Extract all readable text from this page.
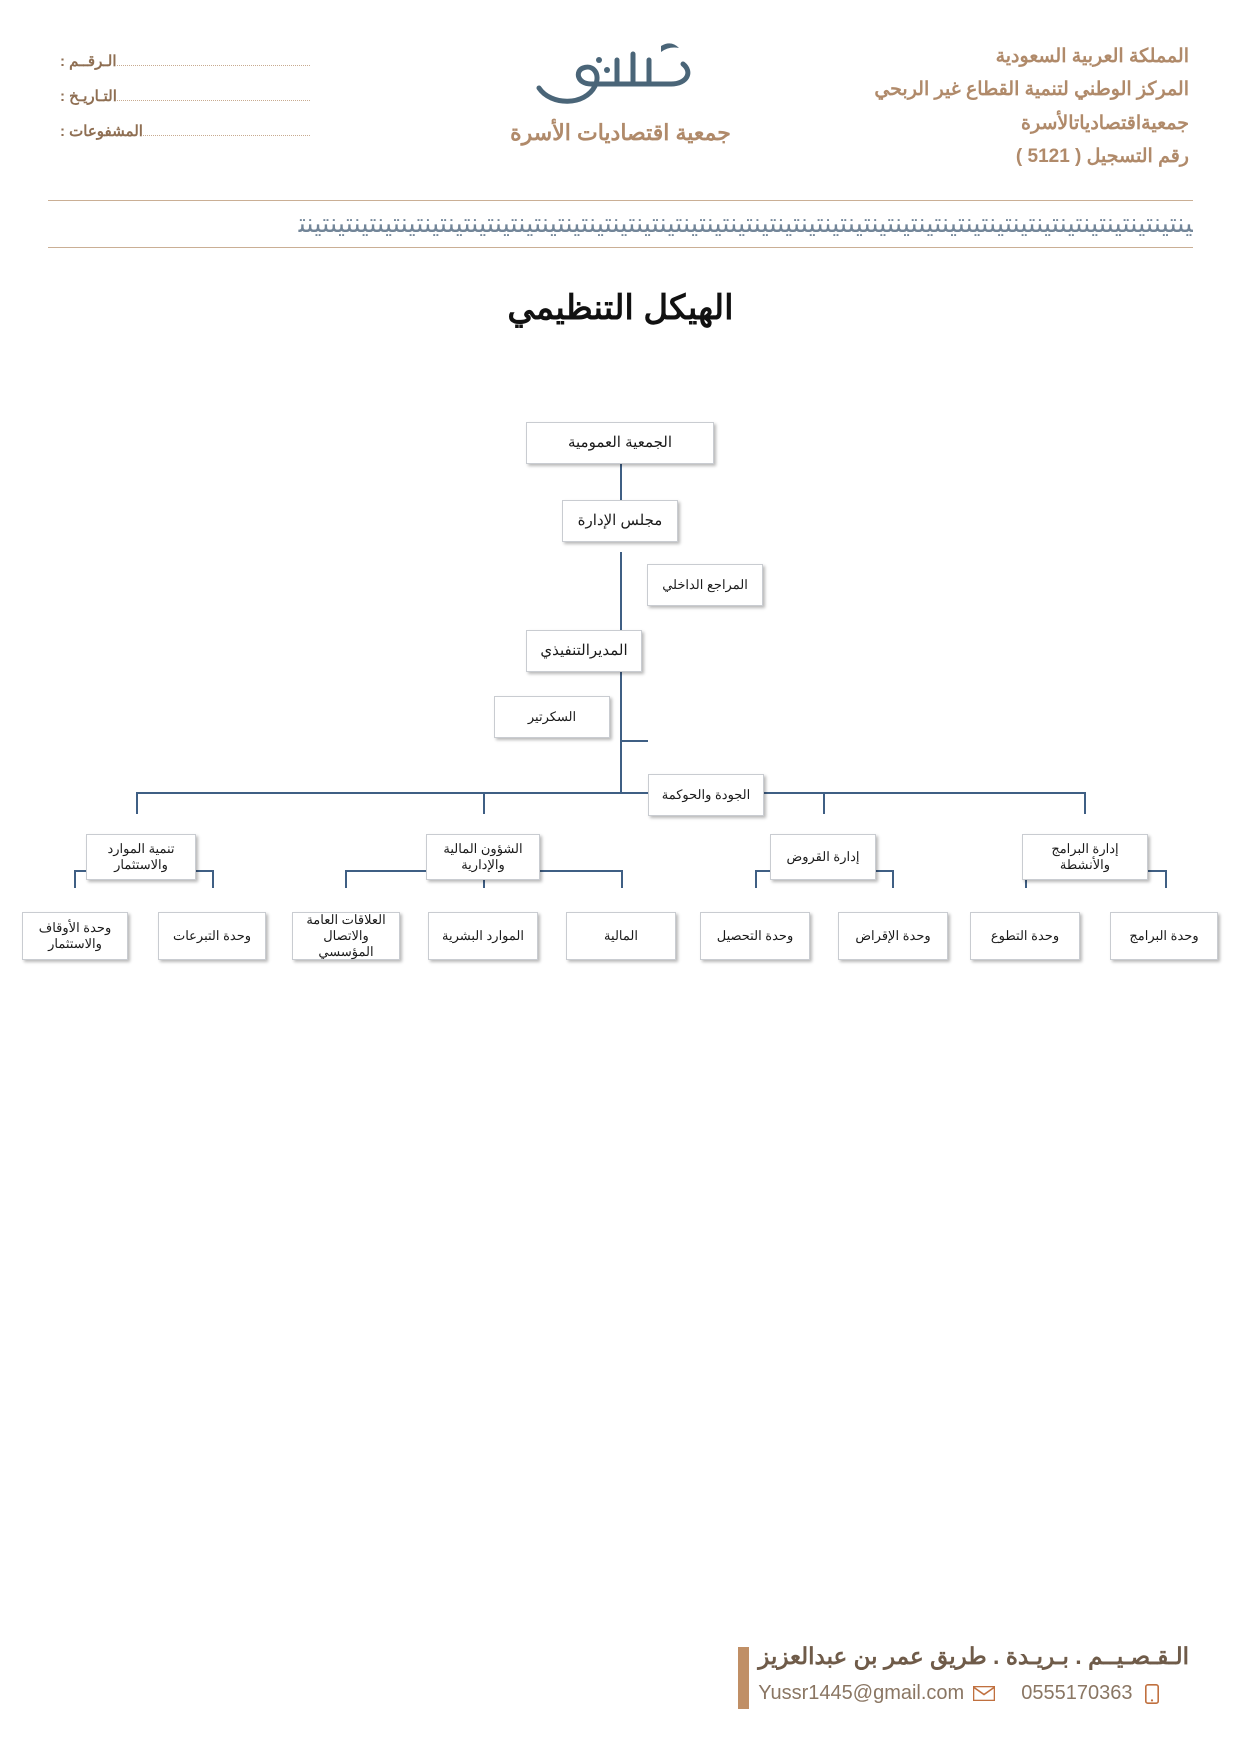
المملكة العربية السعودية
المركز الوطني لتنمية القطاع غير الربحي
جمعيةاقتصادياتالأسرة
رقم التسجيل ( 5121 )
جمعية اقتصاديات الأسرة
الـرقــم :
التـاريـخ :
المشفوعات :
ﻴﻨﺘﻴﻨﺘﻴﻨﺘﻴﻨﺘﻴﻨﺘﻴﻨﺘﻴﻨﺘﻴﻨﺘﻴﻨﺘﻴﻨﺘﻴﻨﺘﻴﻨﺘﻴﻨﺘﻴﻨﺘﻴﻨﺘﻴﻨﺘﻴﻨﺘﻴﻨﺘﻴﻨﺘﻴﻨﺘﻴﻨﺘﻴﻨﺘﻴﻨﺘﻴﻨﺘﻴﻨﺘﻴﻨﺘﻴﻨﺘﻴﻨﺘﻴﻨﺘﻴﻨﺘﻴﻨﺘﻴﻨﺘﻴﻨﺘﻴﻨﺘﻴﻨﺘﻴﻨﺘﻴﻨﺘﻴﻨﺘ
الهيكل التنظيمي
الجمعية العمومية
مجلس الإدارة
المراجع الداخلي
المديرالتنفيذي
السكرتير
الجودة والحوكمة
تنمية الموارد والاستثمار
الشؤون المالية والإدارية
إدارة القروض
إدارة البرامج والأنشطة
وحدة الأوقاف والاستثمار
وحدة التبرعات
العلاقات العامة والاتصال المؤسسي
الموارد البشرية	المالية	وحدة التحصيل	وحدة الإقراض	وحدة التطوع	وحدة البرامج
الـقـصـيــم . بـريـدة . طريق عمر بن عبدالعزيز
Yussr1445@gmail.com	0555170363
